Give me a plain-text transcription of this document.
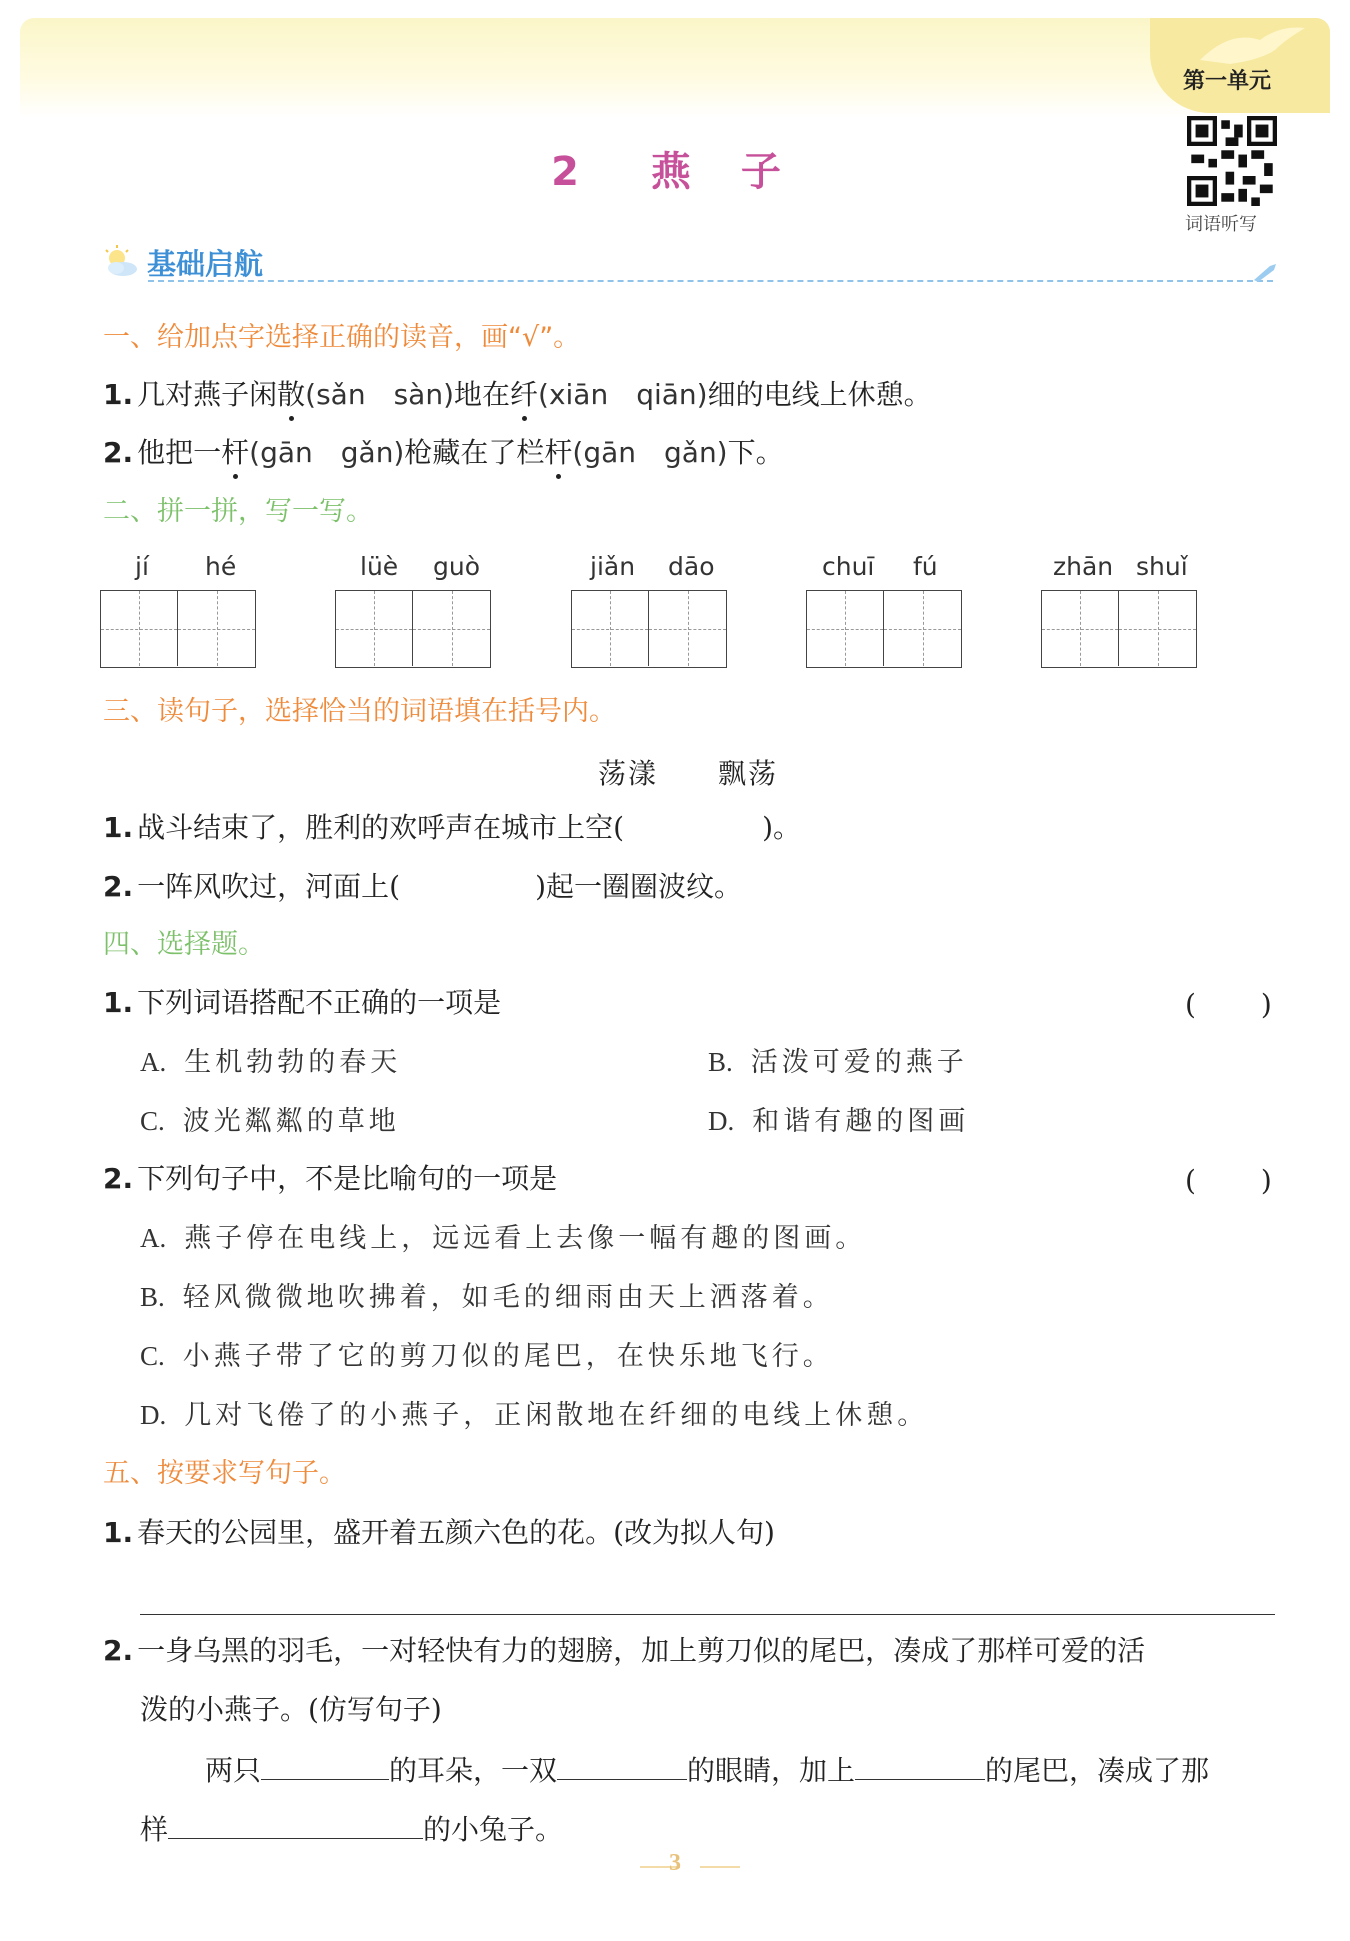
第一单元
词语听写
2 燕 子
基础启航
一、给加点字选择正确的读音，画“√”。
1. 几对燕子闲散(sǎn　sàn)地在纤(xiān　qiān)细的电线上休憩。
2. 他把一杆(gān　gǎn)枪藏在了栏杆(gān　gǎn)下。
二、拼一拼，写一写。
jí hé	lüè guò	jiǎn dāo	chuī fú	zhān shuǐ
三、读句子，选择恰当的词语填在括号内。
荡漾 飘荡
1. 战斗结束了，胜利的欢呼声在城市上空(	)。
2. 一阵风吹过，河面上(	)起一圈圈波纹。
四、选择题。
1. 下列词语搭配不正确的一项是	(　　 )
A. 生机勃勃的春天	B. 活泼可爱的燕子
C. 波光粼粼的草地	D. 和谐有趣的图画
2. 下列句子中，不是比喻句的一项是	(　　 )
A. 燕子停在电线上，远远看上去像一幅有趣的图画。
B. 轻风微微地吹拂着，如毛的细雨由天上洒落着。
C. 小燕子带了它的剪刀似的尾巴，在快乐地飞行。
D. 几对飞倦了的小燕子，正闲散地在纤细的电线上休憩。
五、按要求写句子。
1. 春天的公园里，盛开着五颜六色的花。(改为拟人句)
2. 一身乌黑的羽毛，一对轻快有力的翅膀，加上剪刀似的尾巴，凑成了那样可爱的活
泼的小燕子。(仿写句子)
两只	的耳朵，一双	的眼睛，加上	的尾巴，凑成了那
样	的小兔子。
3
